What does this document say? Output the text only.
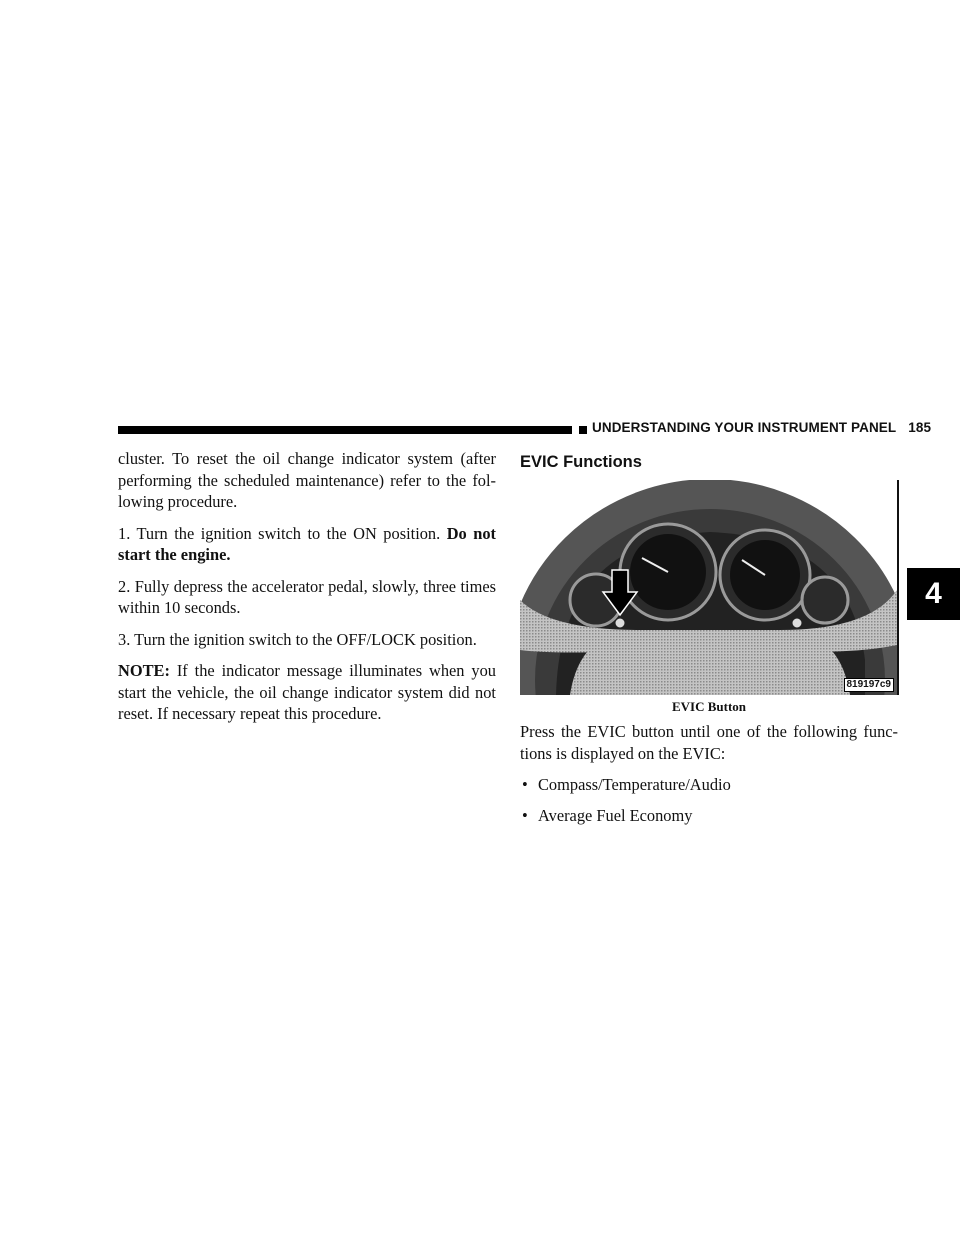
UNDERSTANDING YOUR INSTRUMENT PANEL 185

cluster. To reset the oil change indicator system (after performing the scheduled maintenance) refer to the fol- lowing procedure.

1. Turn the ignition switch to the ON position. Do not start the engine.

2. Fully depress the accelerator pedal, slowly, three times within 10 seconds.

3. Turn the ignition switch to the OFF/LOCK position.

NOTE: If the indicator message illuminates when you start the vehicle, the oil change indicator system did not reset. If necessary repeat this procedure.

EVIC Functions
819197c9
EVIC Button

Press the EVIC button until one of the following func- tions is displayed on the EVIC:

• Compass/Temperature/Audio
• Average Fuel Economy
4
